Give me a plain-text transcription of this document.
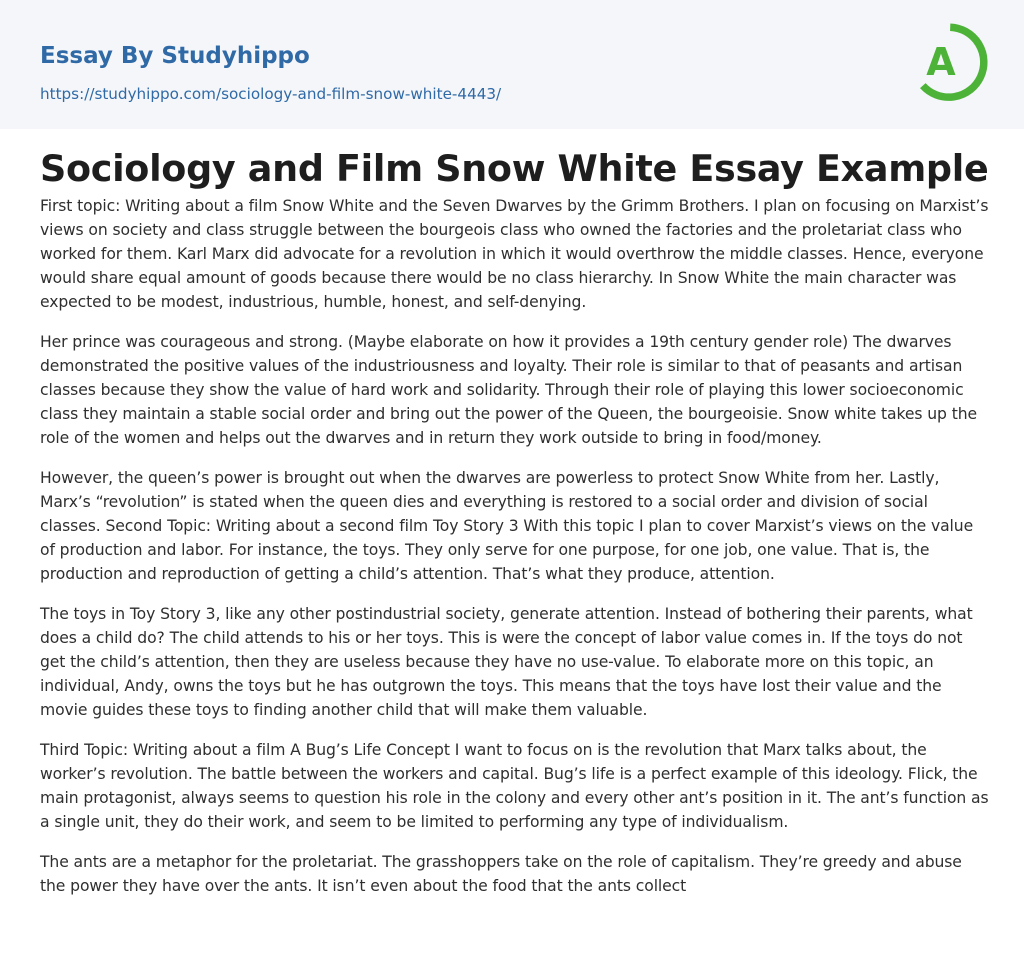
Essay By Studyhippo
https://studyhippo.com/sociology-and-film-snow-white-4443/
A
Sociology and Film Snow White Essay Example

First topic: Writing about a film Snow White and the Seven Dwarves by the Grimm Brothers. I plan on focusing on Marxist’s views on society and class struggle between the bourgeois class who owned the factories and the proletariat class who worked for them. Karl Marx did advocate for a revolution in which it would overthrow the middle classes. Hence, everyone would share equal amount of goods because there would be no class hierarchy. In Snow White the main character was expected to be modest, industrious, humble, honest, and self-denying.

Her prince was courageous and strong. (Maybe elaborate on how it provides a 19th century gender role) The dwarves demonstrated the positive values of the industriousness and loyalty. Their role is similar to that of peasants and artisan classes because they show the value of hard work and solidarity. Through their role of playing this lower socioeconomic class they maintain a stable social order and bring out the power of the Queen, the bourgeoisie. Snow white takes up the role of the women and helps out the dwarves and in return they work outside to bring in food/money.

However, the queen’s power is brought out when the dwarves are powerless to protect Snow White from her. Lastly, Marx’s “revolution” is stated when the queen dies and everything is restored to a social order and division of social classes. Second Topic: Writing about a second film Toy Story 3 With this topic I plan to cover Marxist’s views on the value of production and labor. For instance, the toys. They only serve for one purpose, for one job, one value. That is, the production and reproduction of getting a child’s attention. That’s what they produce, attention.

The toys in Toy Story 3, like any other postindustrial society, generate attention. Instead of bothering their parents, what does a child do? The child attends to his or her toys. This is were the concept of labor value comes in. If the toys do not get the child’s attention, then they are useless because they have no use-value. To elaborate more on this topic, an individual, Andy, owns the toys but he has outgrown the toys. This means that the toys have lost their value and the movie guides these toys to finding another child that will make them valuable.

Third Topic: Writing about a film A Bug’s Life Concept I want to focus on is the revolution that Marx talks about, the worker’s revolution. The battle between the workers and capital. Bug’s life is a perfect example of this ideology. Flick, the main protagonist, always seems to question his role in the colony and every other ant’s position in it. The ant’s function as a single unit, they do their work, and seem to be limited to performing any type of individualism.

The ants are a metaphor for the proletariat. The grasshoppers take on the role of capitalism. They’re greedy and abuse the power they have over the ants. It isn’t even about the food that the ants collect
